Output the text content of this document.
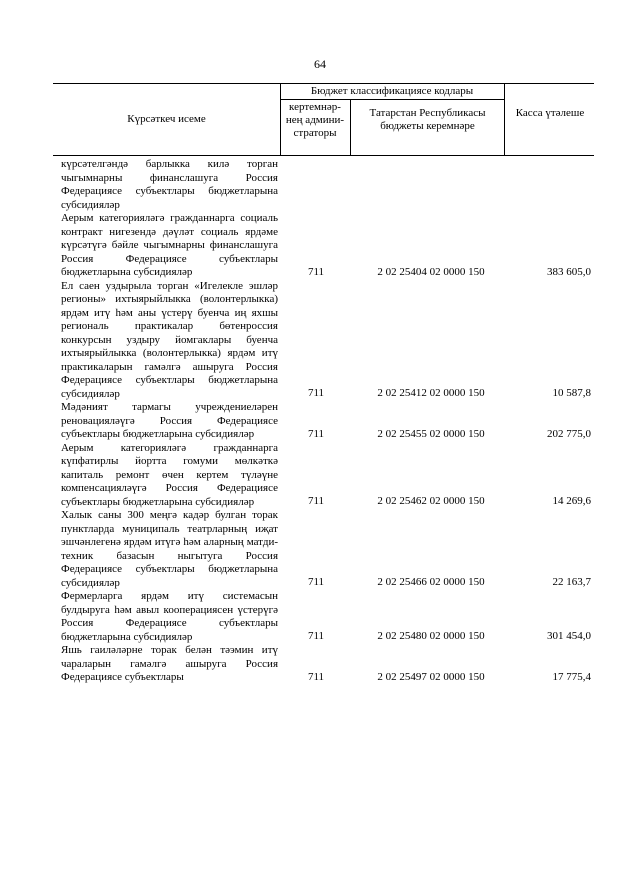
64
Күрсәткеч исеме
Бюджет классификациясе кодлары
кертемнәр-нең админи-страторы
Татарстан Республикасы бюджеты керемнәре
Касса үтәлеше
күрсәтелгәндә барлыкка килә торган чыгымнарны финанслашуга Россия Федерациясе субъектлары бюджетларына субсидияләр
Аерым категорияләгә гражданнарга социаль контракт нигезендә дәүләт социаль ярдәме күрсәтүгә бәйле чыгымнарны финанслашуга Россия Федерациясе субъектлары бюджетларына субсидияләр	711	2 02 25404 02 0000 150	383 605,0
Ел саен уздырыла торган «Игелекле эшләр регионы» ихтыярыйлыкка (волонтерлыкка) ярдәм итү һәм аны үстерү буенча иң яхшы региональ практикалар бөтенроссия конкурсын уздыру йомгаклары буенча ихтыярыйлыкка (волонтерлыкка) ярдәм итү практикаларын гамәлгә ашыруга Россия Федерациясе субъектлары бюджетларына субсидияләр	711	2 02 25412 02 0000 150	10 587,8
Мәдәният тармагы учреждениеләрен реновацияләүгә Россия Федерациясе субъектлары бюджетларына субсидияләр	711	2 02 25455 02 0000 150	202 775,0
Аерым категорияләгә гражданнарга күпфатирлы йортта гомуми мөлкәткә капиталь ремонт өчен кертем түләүне компенсацияләүгә Россия Федерациясе субъектлары бюджетларына субсидияләр	711	2 02 25462 02 0000 150	14 269,6
Халык саны 300 меңгә кадәр булган торак пунктларда муниципаль театрларның иҗат эшчәнлегенә ярдәм итүгә һәм аларның матди-техник базасын ныгытуга Россия Федерациясе субъектлары бюджетларына субсидияләр	711	2 02 25466 02 0000 150	22 163,7
Фермерларга ярдәм итү системасын булдыруга һәм авыл кооперациясен үстерүгә Россия Федерациясе субъектлары бюджетларына субсидияләр	711	2 02 25480 02 0000 150	301 454,0
Яшь гаиләләрне торак белән тәэмин итү чараларын гамәлгә ашыруга Россия Федерациясе субъектлары	711	2 02 25497 02 0000 150	17 775,4
